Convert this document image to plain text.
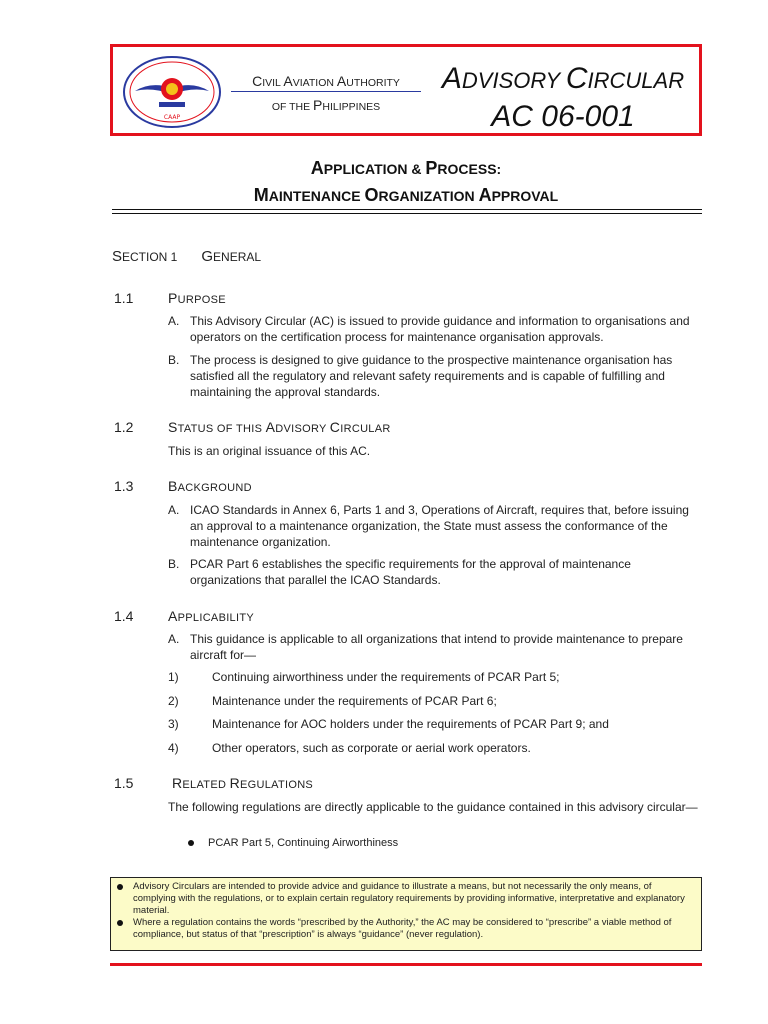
CAAP
CIVIL AVIATION AUTHORITY
OF THE PHILIPPINES
ADVISORY CIRCULAR
AC 06-001
APPLICATION & PROCESS:
MAINTENANCE ORGANIZATION APPROVAL
SECTION 1 GENERAL
1.1 PURPOSE
A. This Advisory Circular (AC) is issued to provide guidance and information to organisations and operators on the certification process for maintenance organisation approvals.
B. The process is designed to give guidance to the prospective maintenance organisation has satisfied all the regulatory and relevant safety requirements and is capable of fulfilling and maintaining the approval standards.
1.2 STATUS OF THIS ADVISORY CIRCULAR
This is an original issuance of this AC.
1.3 BACKGROUND
A. ICAO Standards in Annex 6, Parts 1 and 3, Operations of Aircraft, requires that, before issuing an approval to a maintenance organization, the State must assess the conformance of the maintenance organization.
B. PCAR Part 6 establishes the specific requirements for the approval of maintenance organizations that parallel the ICAO Standards.
1.4 APPLICABILITY
A. This guidance is applicable to all organizations that intend to provide maintenance to prepare aircraft for—
1)	Continuing airworthiness under the requirements of PCAR Part 5;
2)	Maintenance under the requirements of PCAR Part 6;
3)	Maintenance for AOC holders under the requirements of PCAR Part 9; and
4)	Other operators, such as corporate or aerial work operators.
1.5	RELATED REGULATIONS
The following regulations are directly applicable to the guidance contained in this advisory circular—
PCAR Part 5, Continuing Airworthiness
Advisory Circulars are intended to provide advice and guidance to illustrate a means, but not necessarily the only means, of complying with the regulations, or to explain certain regulatory requirements by providing informative, interpretative and explanatory material.
Where a regulation contains the words “prescribed by the Authority,” the AC may be considered to “prescribe” a viable method of compliance, but status of that “prescription” is always “guidance” (never regulation).
